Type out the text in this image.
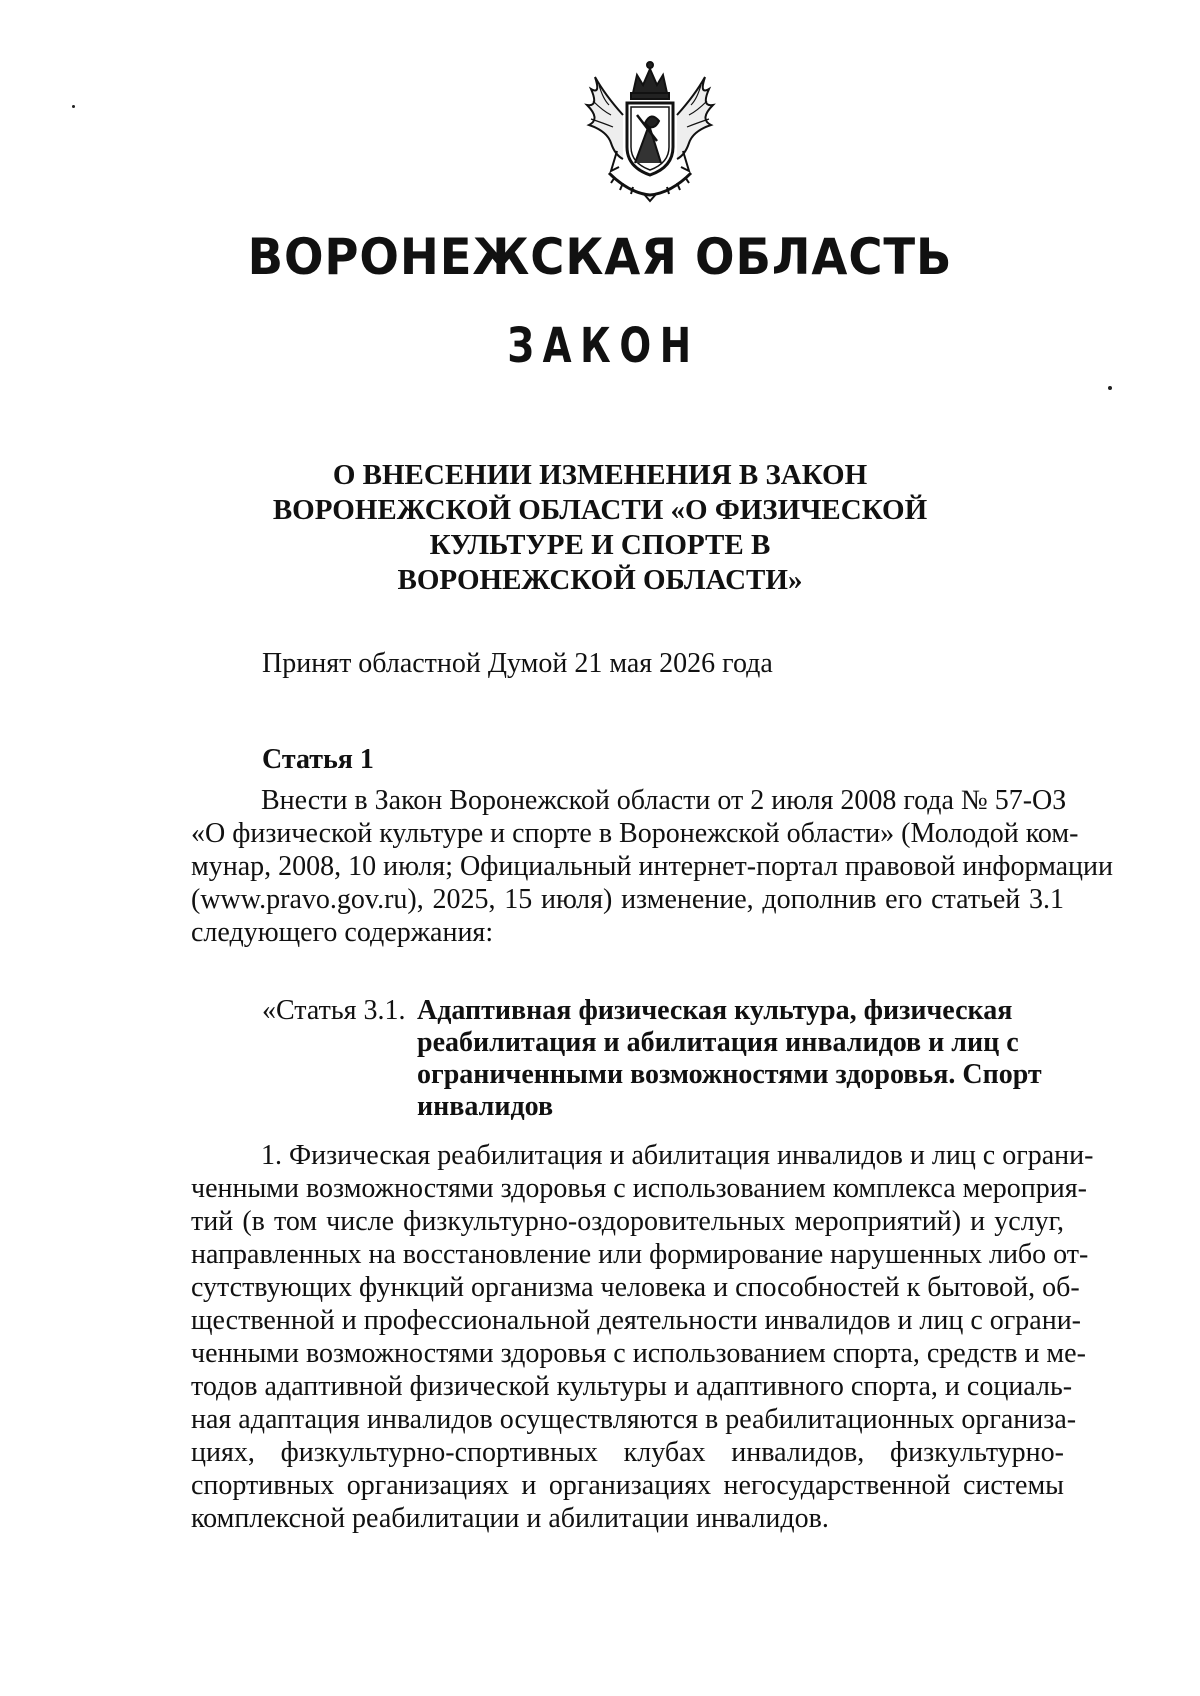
ВОРОНЕЖСКАЯ ОБЛАСТЬ
ЗАКОН
О ВНЕСЕНИИ ИЗМЕНЕНИЯ В ЗАКОН
ВОРОНЕЖСКОЙ ОБЛАСТИ «О ФИЗИЧЕСКОЙ
КУЛЬТУРЕ И СПОРТЕ В
ВОРОНЕЖСКОЙ ОБЛАСТИ»
Принят областной Думой 21 мая 2026 года
Статья 1
Внести в Закон Воронежской области от 2 июля 2008 года № 57-ОЗ
«О физической культуре и спорте в Воронежской области» (Молодой ком-
мунар, 2008, 10 июля; Официальный интернет-портал правовой информации
(www.pravo.gov.ru), 2025, 15 июля) изменение, дополнив его статьей 3.1
следующего содержания:
«Статья 3.1. Адаптивная физическая культура, физическая
реабилитация и абилитация инвалидов и лиц с
ограниченными возможностями здоровья. Спорт
инвалидов
1. Физическая реабилитация и абилитация инвалидов и лиц с ограни-
ченными возможностями здоровья с использованием комплекса мероприя-
тий (в том числе физкультурно-оздоровительных мероприятий) и услуг,
направленных на восстановление или формирование нарушенных либо от-
сутствующих функций организма человека и способностей к бытовой, об-
щественной и профессиональной деятельности инвалидов и лиц с ограни-
ченными возможностями здоровья с использованием спорта, средств и ме-
тодов адаптивной физической культуры и адаптивного спорта, и социаль-
ная адаптация инвалидов осуществляются в реабилитационных организа-
циях, физкультурно-спортивных клубах инвалидов, физкультурно-
спортивных организациях и организациях негосударственной системы
комплексной реабилитации и абилитации инвалидов.
